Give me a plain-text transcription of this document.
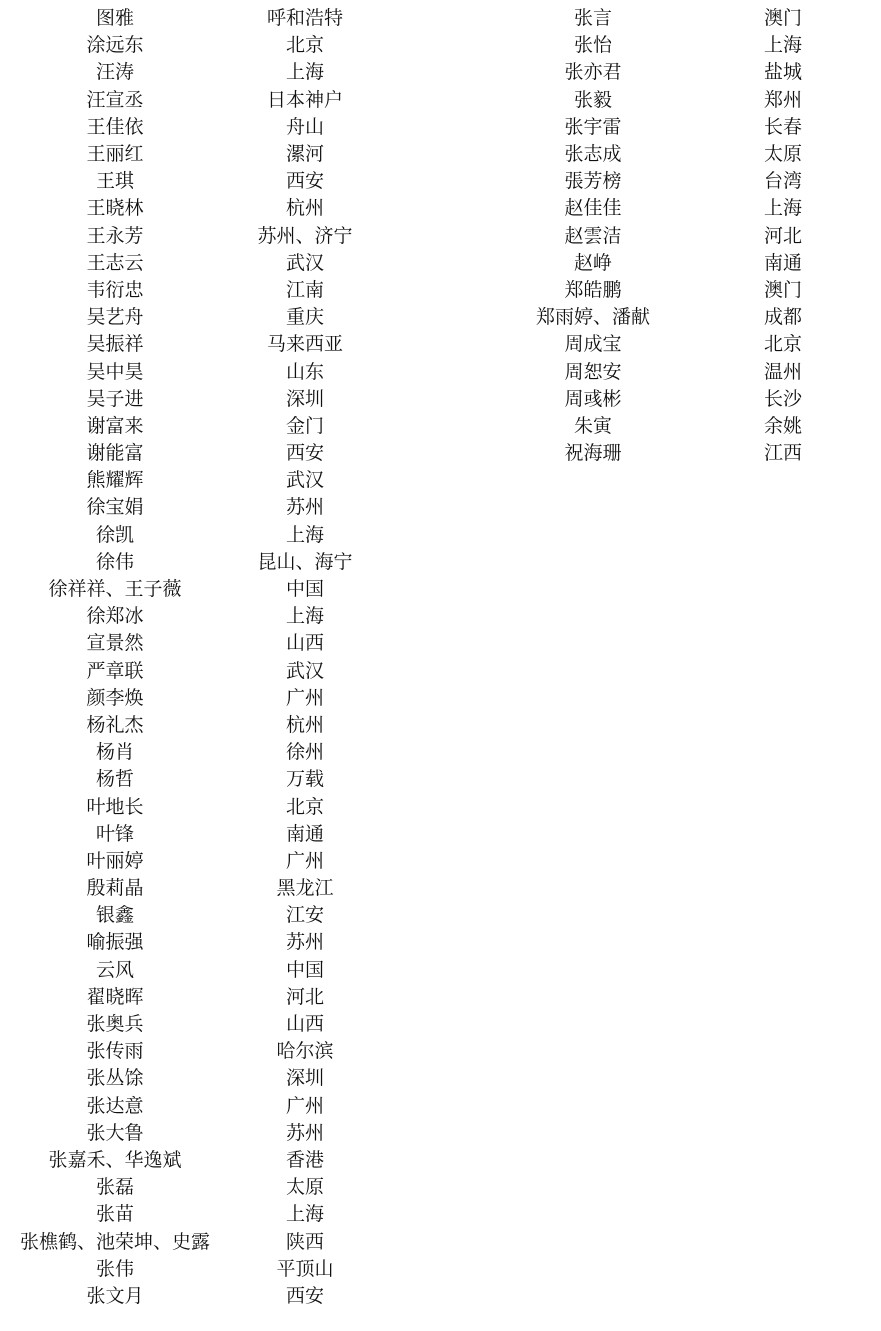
图雅	呼和浩特
涂远东	北京
汪涛	上海
汪宣丞	日本神户
王佳依	舟山
王丽红	漯河
王琪	西安
王晓林	杭州
王永芳	苏州、济宁
王志云	武汉
韦衍忠	江南
吴艺舟	重庆
吴振祥	马来西亚
吴中昊	山东
吴子进	深圳
谢富来	金门
谢能富	西安
熊耀辉	武汉
徐宝娟	苏州
徐凯	上海
徐伟	昆山、海宁
徐祥祥、王子薇	中国
徐郑冰	上海
宣景然	山西
严章联	武汉
颜李焕	广州
杨礼杰	杭州
杨肖	徐州
杨哲	万载
叶地长	北京
叶锋	南通
叶丽婷	广州
殷莉晶	黑龙江
银鑫	江安
喻振强	苏州
云风	中国
翟晓晖	河北
张奥兵	山西
张传雨	哈尔滨
张丛馀	深圳
张达意	广州
张大鲁	苏州
张嘉禾、华逸斌	香港
张磊	太原
张苗	上海
张樵鹤、池荣坤、史露	陕西
张伟	平顶山
张文月	西安
张言	澳门
张怡	上海
张亦君	盐城
张毅	郑州
张宇雷	长春
张志成	太原
張芳榜	台湾
赵佳佳	上海
赵雲洁	河北
赵峥	南通
郑皓鹏	澳门
郑雨婷、潘献	成都
周成宝	北京
周恕安	温州
周彧彬	长沙
朱寅	余姚
祝海珊	江西
